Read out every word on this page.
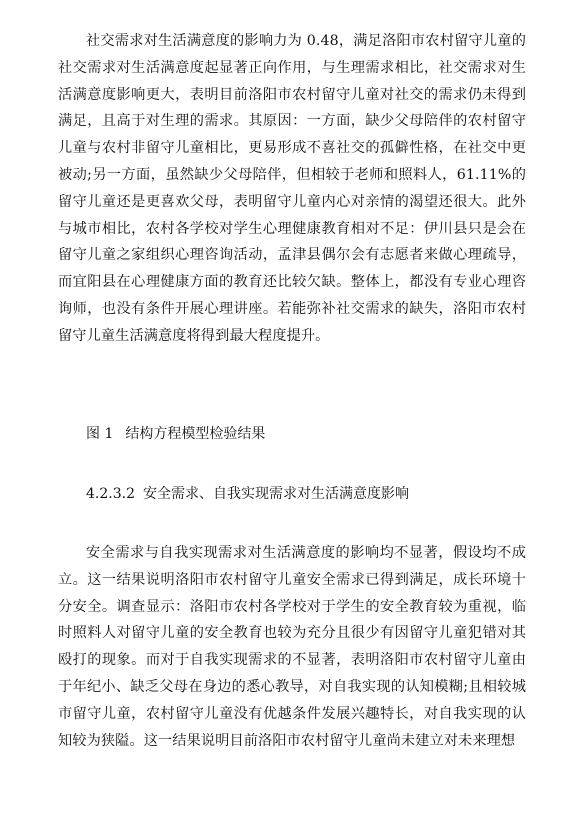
社交需求对生活满意度的影响力为 0.48，满足洛阳市农村留守儿童的社交需求对生活满意度起显著正向作用，与生理需求相比，社交需求对生活满意度影响更大，表明目前洛阳市农村留守儿童对社交的需求仍未得到满足，且高于对生理的需求。其原因：一方面，缺少父母陪伴的农村留守儿童与农村非留守儿童相比，更易形成不喜社交的孤僻性格，在社交中更被动;另一方面，虽然缺少父母陪伴，但相较于老师和照料人，61.11%的留守儿童还是更喜欢父母，表明留守儿童内心对亲情的渴望还很大。此外与城市相比，农村各学校对学生心理健康教育相对不足：伊川县只是会在留守儿童之家组织心理咨询活动，孟津县偶尔会有志愿者来做心理疏导，而宜阳县在心理健康方面的教育还比较欠缺。整体上，都没有专业心理咨询师，也没有条件开展心理讲座。若能弥补社交需求的缺失，洛阳市农村留守儿童生活满意度将得到最大程度提升。

图 1 结构方程模型检验结果

4.2.3.2 安全需求、自我实现需求对生活满意度影响

安全需求与自我实现需求对生活满意度的影响均不显著，假设均不成立。这一结果说明洛阳市农村留守儿童安全需求已得到满足，成长环境十分安全。调查显示：洛阳市农村各学校对于学生的安全教育较为重视，临时照料人对留守儿童的安全教育也较为充分且很少有因留守儿童犯错对其殴打的现象。而对于自我实现需求的不显著，表明洛阳市农村留守儿童由于年纪小、缺乏父母在身边的悉心教导，对自我实现的认知模糊;且相较城市留守儿童，农村留守儿童没有优越条件发展兴趣特长，对自我实现的认知较为狭隘。这一结果说明目前洛阳市农村留守儿童尚未建立对未来理想
